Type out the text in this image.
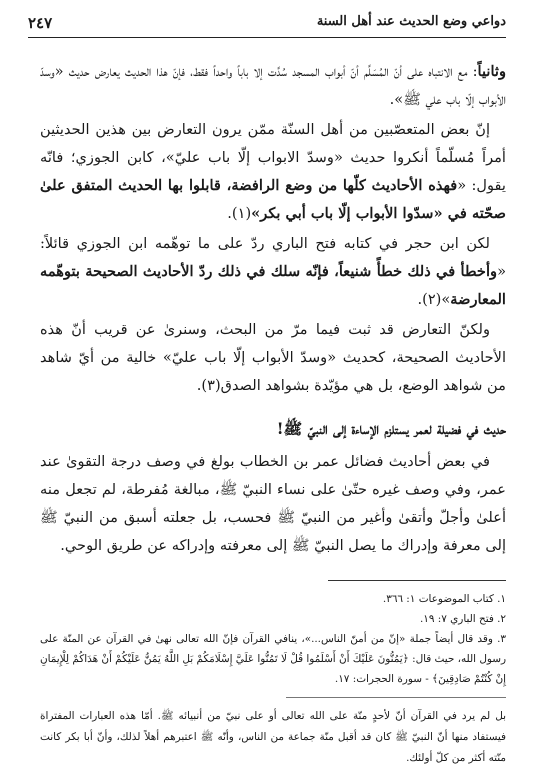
٢٤٧	دواعي وضع الحديث عند أهل السنة

وثانياً: مع الانتباه على أنّ المُسَلَّم أنّ أبواب المسجد سُدَّت إلا باباً واحداً فقط، فإنّ هذا الحديث يعارض حديث «وسدّ الأبواب إلّا باب علي ﷺ».

إنّ بعض المتعصّبين من أهل السنّة ممّن يرون التعارض بين هذين الحديثين أمراً مُسلّماً أنكروا حديث «وسدّ الابواب إلّا باب عليّ»، كابن الجوزي؛ فانّه يقول: «فهذه الأحاديث كلّها من وضع الرافضة، قابلوا بها الحديث المتفق علىٰ صحّته في «سدّوا الأبواب إلّا باب أبي بكر»(١).

لكن ابن حجر في كتابه فتح الباري ردّ على ما توهّمه ابن الجوزي قائلاً: «وأخطأ في ذلك خطأً شنيعاً، فإنّه سلك في ذلك ردّ الأحاديث الصحيحة بتوهّمه المعارضة»(٢).

ولكنّ التعارض قد ثبت فيما مرّ من البحث، وسنرىٰ عن قريب أنّ هذه الأحاديث الصحيحة، كحديث «وسدّ الأبواب إلّا باب عليّ» خالية من أيّ شاهد من شواهد الوضع، بل هي مؤيّدة بشواهد الصدق(٣).

حديث في فضيلة لعمر يستلزم الإساءة إلى النبيّ ﷺ!

في بعض أحاديث فضائل عمر بن الخطاب بولغ في وصف درجة التقوىٰ عند عمر، وفي وصف غيره حتّىٰ على نساء النبيّ ﷺ، مبالغة مُفرطة، لم تجعل منه أعلىٰ وأجلّ وأتقىٰ وأغير من النبيّ ﷺ فحسب، بل جعلته أسبق من النبيّ ﷺ إلى معرفة وإدراك ما يصل النبيّ ﷺ إلى معرفته وإدراكه عن طريق الوحي.

١. كتاب الموضوعات ١: ٣٦٦.

٢. فتح الباري ٧: ١٩.

٣. وقد قال أيضاً جملة «إنّ من أمنّ الناس...»، ينافي القرآن فإنّ الله تعالى نهىٰ في القرآن عن المنّة على رسول الله، حيث قال: ﴿يَمُنُّونَ عَلَيْكَ أَنْ أَسْلَمُوا قُلْ لَا تَمُنُّوا عَلَيَّ إِسْلَامَكُمْ بَلِ اللَّهُ يَمُنُّ عَلَيْكُمْ أَنْ هَدَاكُمْ لِلْإِيمَانِ إِنْ كُنْتُمْ صَادِقِينَ﴾ - سورة الحجرات: ١٧.

بل لم يرد في القرآن أنّ لأحدٍ منّة على الله تعالى أو على نبيّ من أنبيائه ﷺ. أمّا هذه العبارات المفتراة فيستفاد منها أنّ النبيّ ﷺ كان قد أقبل منّة جماعة من الناس، وأنّه ﷺ اعتبرهم أهلاً لذلك، وأنّ أبا بكر كانت منّته أكثر من كلّ أولئك.
